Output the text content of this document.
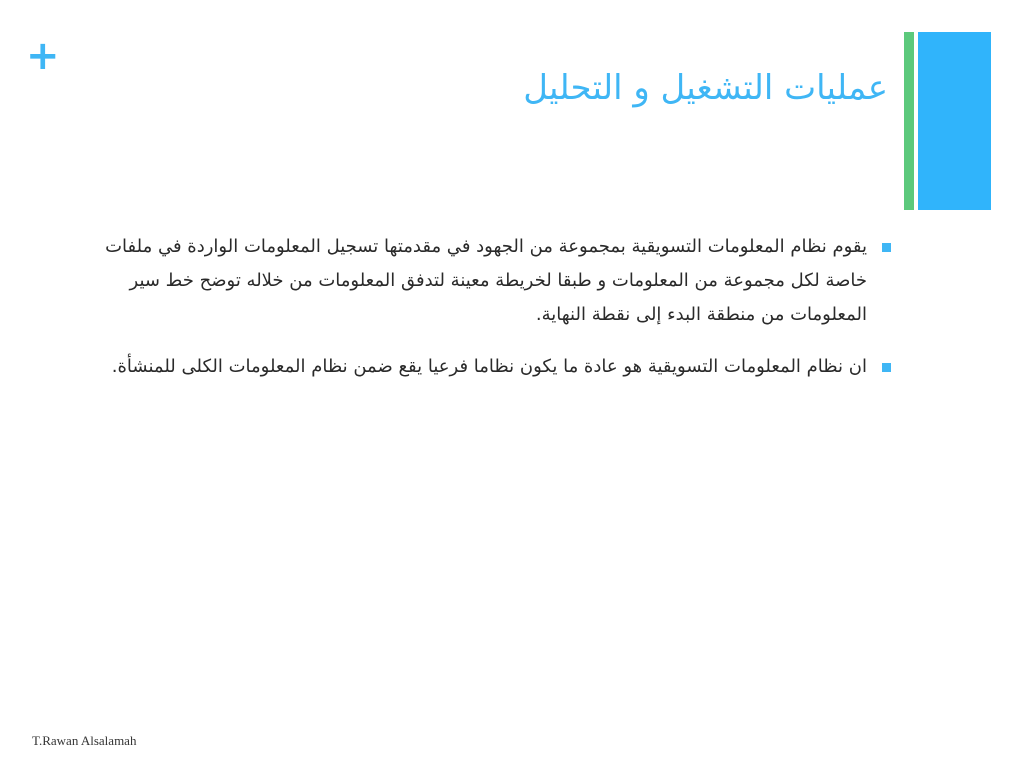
+
عمليات التشغيل و التحليل
يقوم نظام المعلومات التسويقية بمجموعة من الجهود في مقدمتها تسجيل المعلومات الواردة في ملفات خاصة لكل مجموعة من المعلومات و طبقا لخريطة معينة لتدفق المعلومات من خلاله توضح خط سير المعلومات من منطقة البدء إلى نقطة النهاية.
ان نظام المعلومات التسويقية هو عادة ما يكون نظاما فرعيا يقع ضمن نظام المعلومات الكلى للمنشأة.
T.Rawan Alsalamah
